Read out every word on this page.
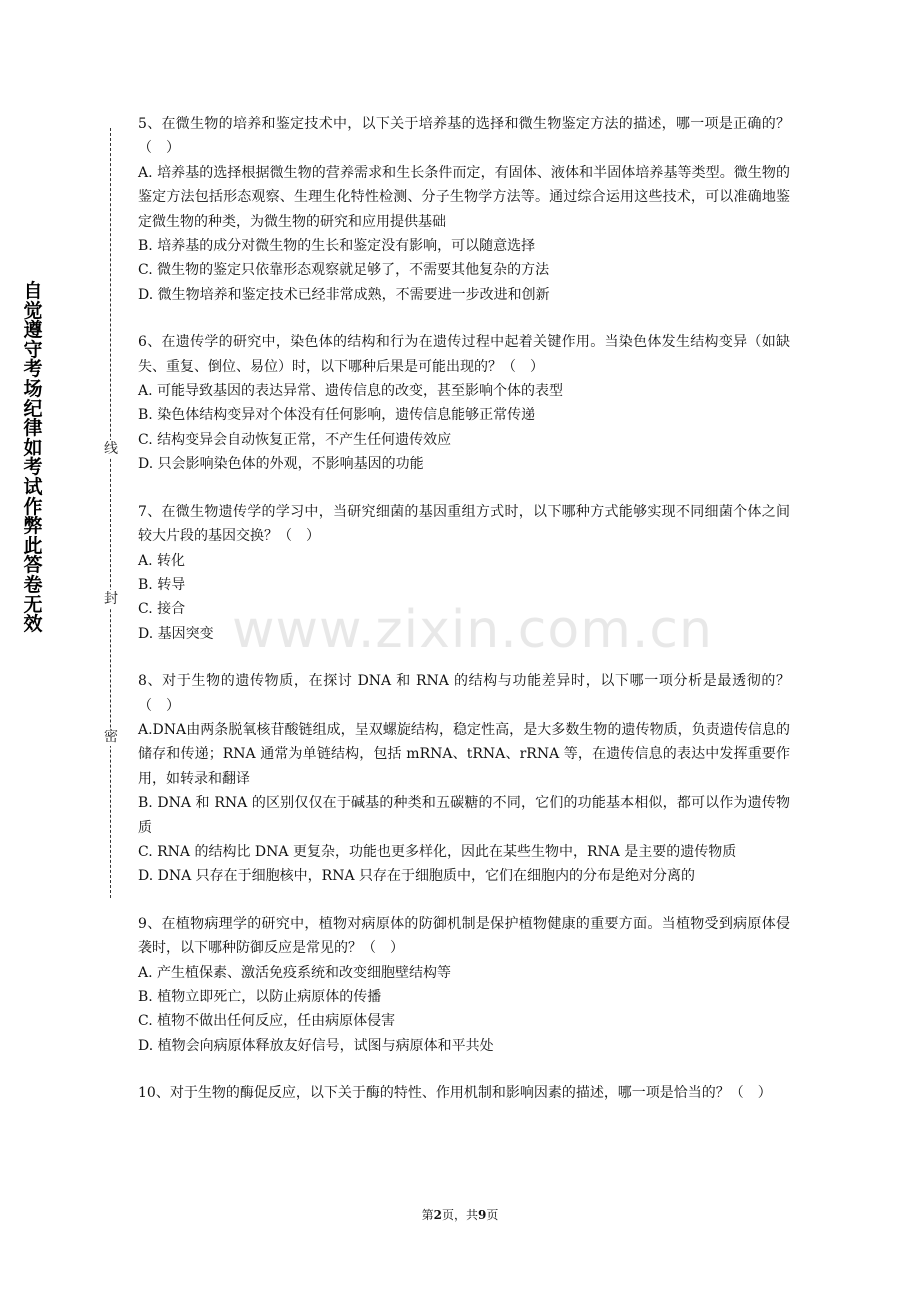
自觉遵守考场纪律如考试作弊此答卷无效
线
封
密
www.zixin.com.cn

5、在微生物的培养和鉴定技术中，以下关于培养基的选择和微生物鉴定方法的描述，哪一项是正确的？（　）

A. 培养基的选择根据微生物的营养需求和生长条件而定，有固体、液体和半固体培养基等类型。微生物的鉴定方法包括形态观察、生理生化特性检测、分子生物学方法等。通过综合运用这些技术，可以准确地鉴定微生物的种类，为微生物的研究和应用提供基础

B. 培养基的成分对微生物的生长和鉴定没有影响，可以随意选择

C. 微生物的鉴定只依靠形态观察就足够了，不需要其他复杂的方法

D. 微生物培养和鉴定技术已经非常成熟，不需要进一步改进和创新

6、在遗传学的研究中，染色体的结构和行为在遗传过程中起着关键作用。当染色体发生结构变异（如缺失、重复、倒位、易位）时，以下哪种后果是可能出现的？（　）

A. 可能导致基因的表达异常、遗传信息的改变，甚至影响个体的表型

B. 染色体结构变异对个体没有任何影响，遗传信息能够正常传递

C. 结构变异会自动恢复正常，不产生任何遗传效应

D. 只会影响染色体的外观，不影响基因的功能

7、在微生物遗传学的学习中，当研究细菌的基因重组方式时，以下哪种方式能够实现不同细菌个体之间较大片段的基因交换？（　）

A. 转化

B. 转导

C. 接合

D. 基因突变

8、对于生物的遗传物质，在探讨 DNA 和 RNA 的结构与功能差异时，以下哪一项分析是最透彻的？（　）

A.DNA由两条脱氧核苷酸链组成，呈双螺旋结构，稳定性高，是大多数生物的遗传物质，负责遗传信息的储存和传递；RNA 通常为单链结构，包括 mRNA、tRNA、rRNA 等，在遗传信息的表达中发挥重要作用，如转录和翻译

B. DNA 和 RNA 的区别仅仅在于碱基的种类和五碳糖的不同，它们的功能基本相似，都可以作为遗传物质

C. RNA 的结构比 DNA 更复杂，功能也更多样化，因此在某些生物中，RNA 是主要的遗传物质

D. DNA 只存在于细胞核中，RNA 只存在于细胞质中，它们在细胞内的分布是绝对分离的

9、在植物病理学的研究中，植物对病原体的防御机制是保护植物健康的重要方面。当植物受到病原体侵袭时，以下哪种防御反应是常见的？（　）

A. 产生植保素、激活免疫系统和改变细胞壁结构等

B. 植物立即死亡，以防止病原体的传播

C. 植物不做出任何反应，任由病原体侵害

D. 植物会向病原体释放友好信号，试图与病原体和平共处

10、对于生物的酶促反应，以下关于酶的特性、作用机制和影响因素的描述，哪一项是恰当的？（　）

第2页，共9页
